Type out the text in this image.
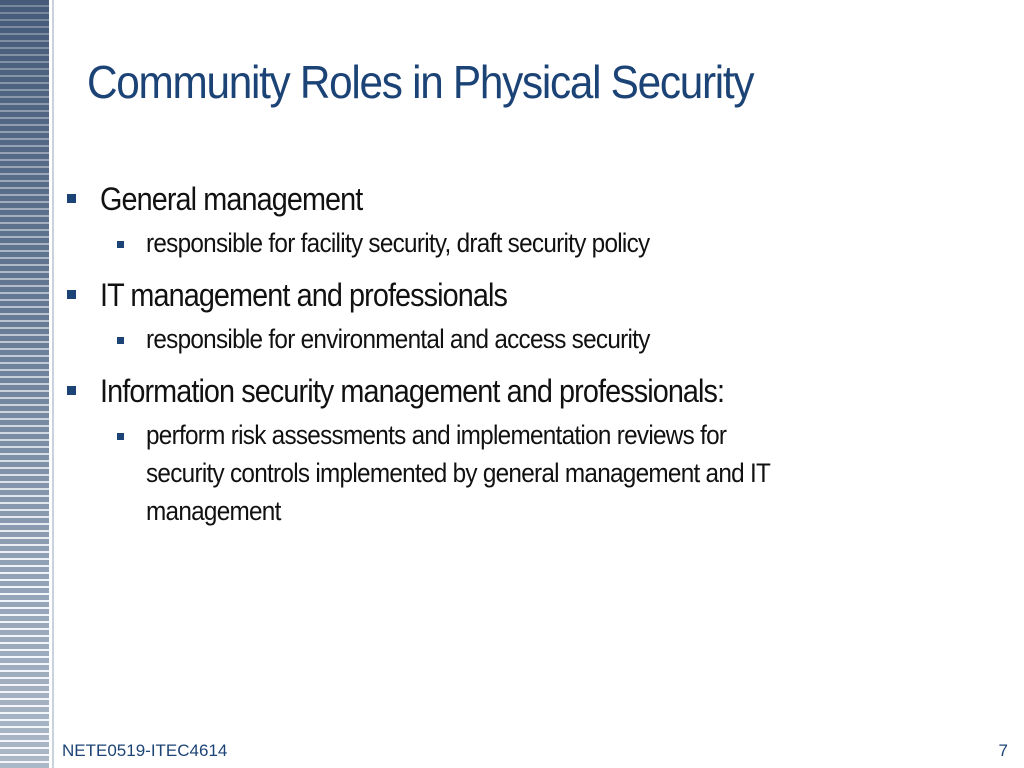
Community Roles in Physical Security
General management
responsible for facility security, draft security policy
IT management and professionals
responsible for environmental and access security
Information security management and professionals:
perform risk assessments and implementation reviews for
security controls implemented by general management and IT
management
NETE0519-ITEC4614	7
